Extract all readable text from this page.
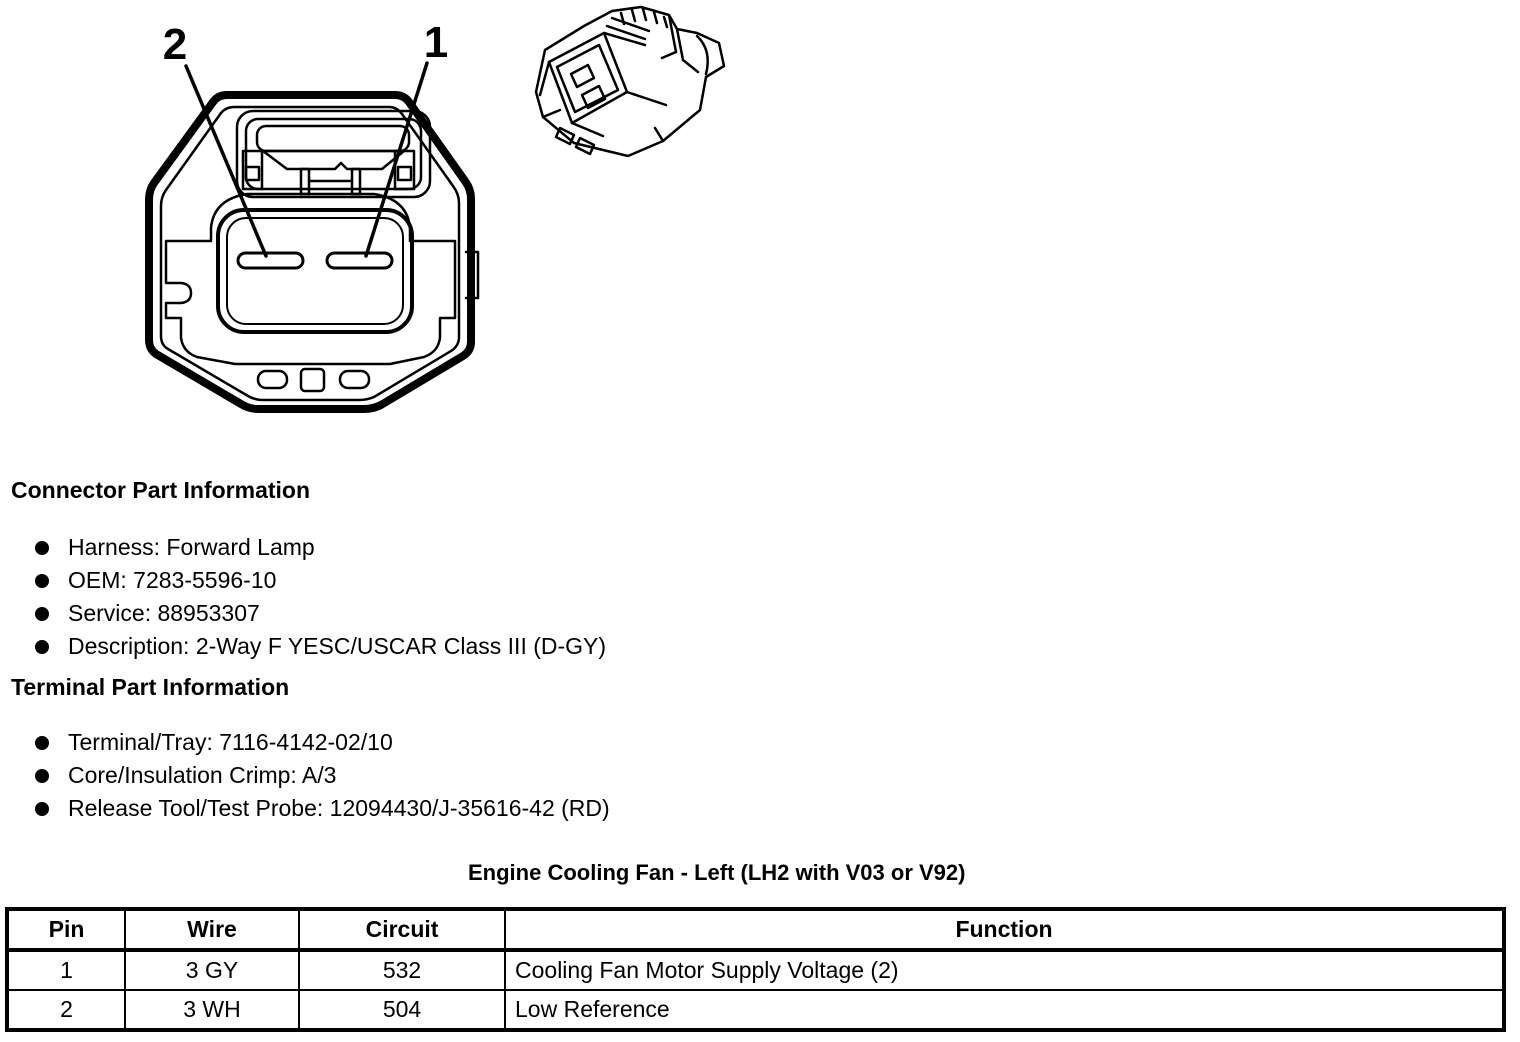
2	1
Connector Part Information
Harness: Forward Lamp
OEM: 7283-5596-10
Service: 88953307
Description: 2-Way F YESC/USCAR Class III (D-GY)
Terminal Part Information
Terminal/Tray: 7116-4142-02/10
Core/Insulation Crimp: A/3
Release Tool/Test Probe: 12094430/J-35616-42 (RD)
Engine Cooling Fan - Left (LH2 with V03 or V92)
Pin	Wire	Circuit	Function
1	3 GY	532	Cooling Fan Motor Supply Voltage (2)
2	3 WH	504	Low Reference
